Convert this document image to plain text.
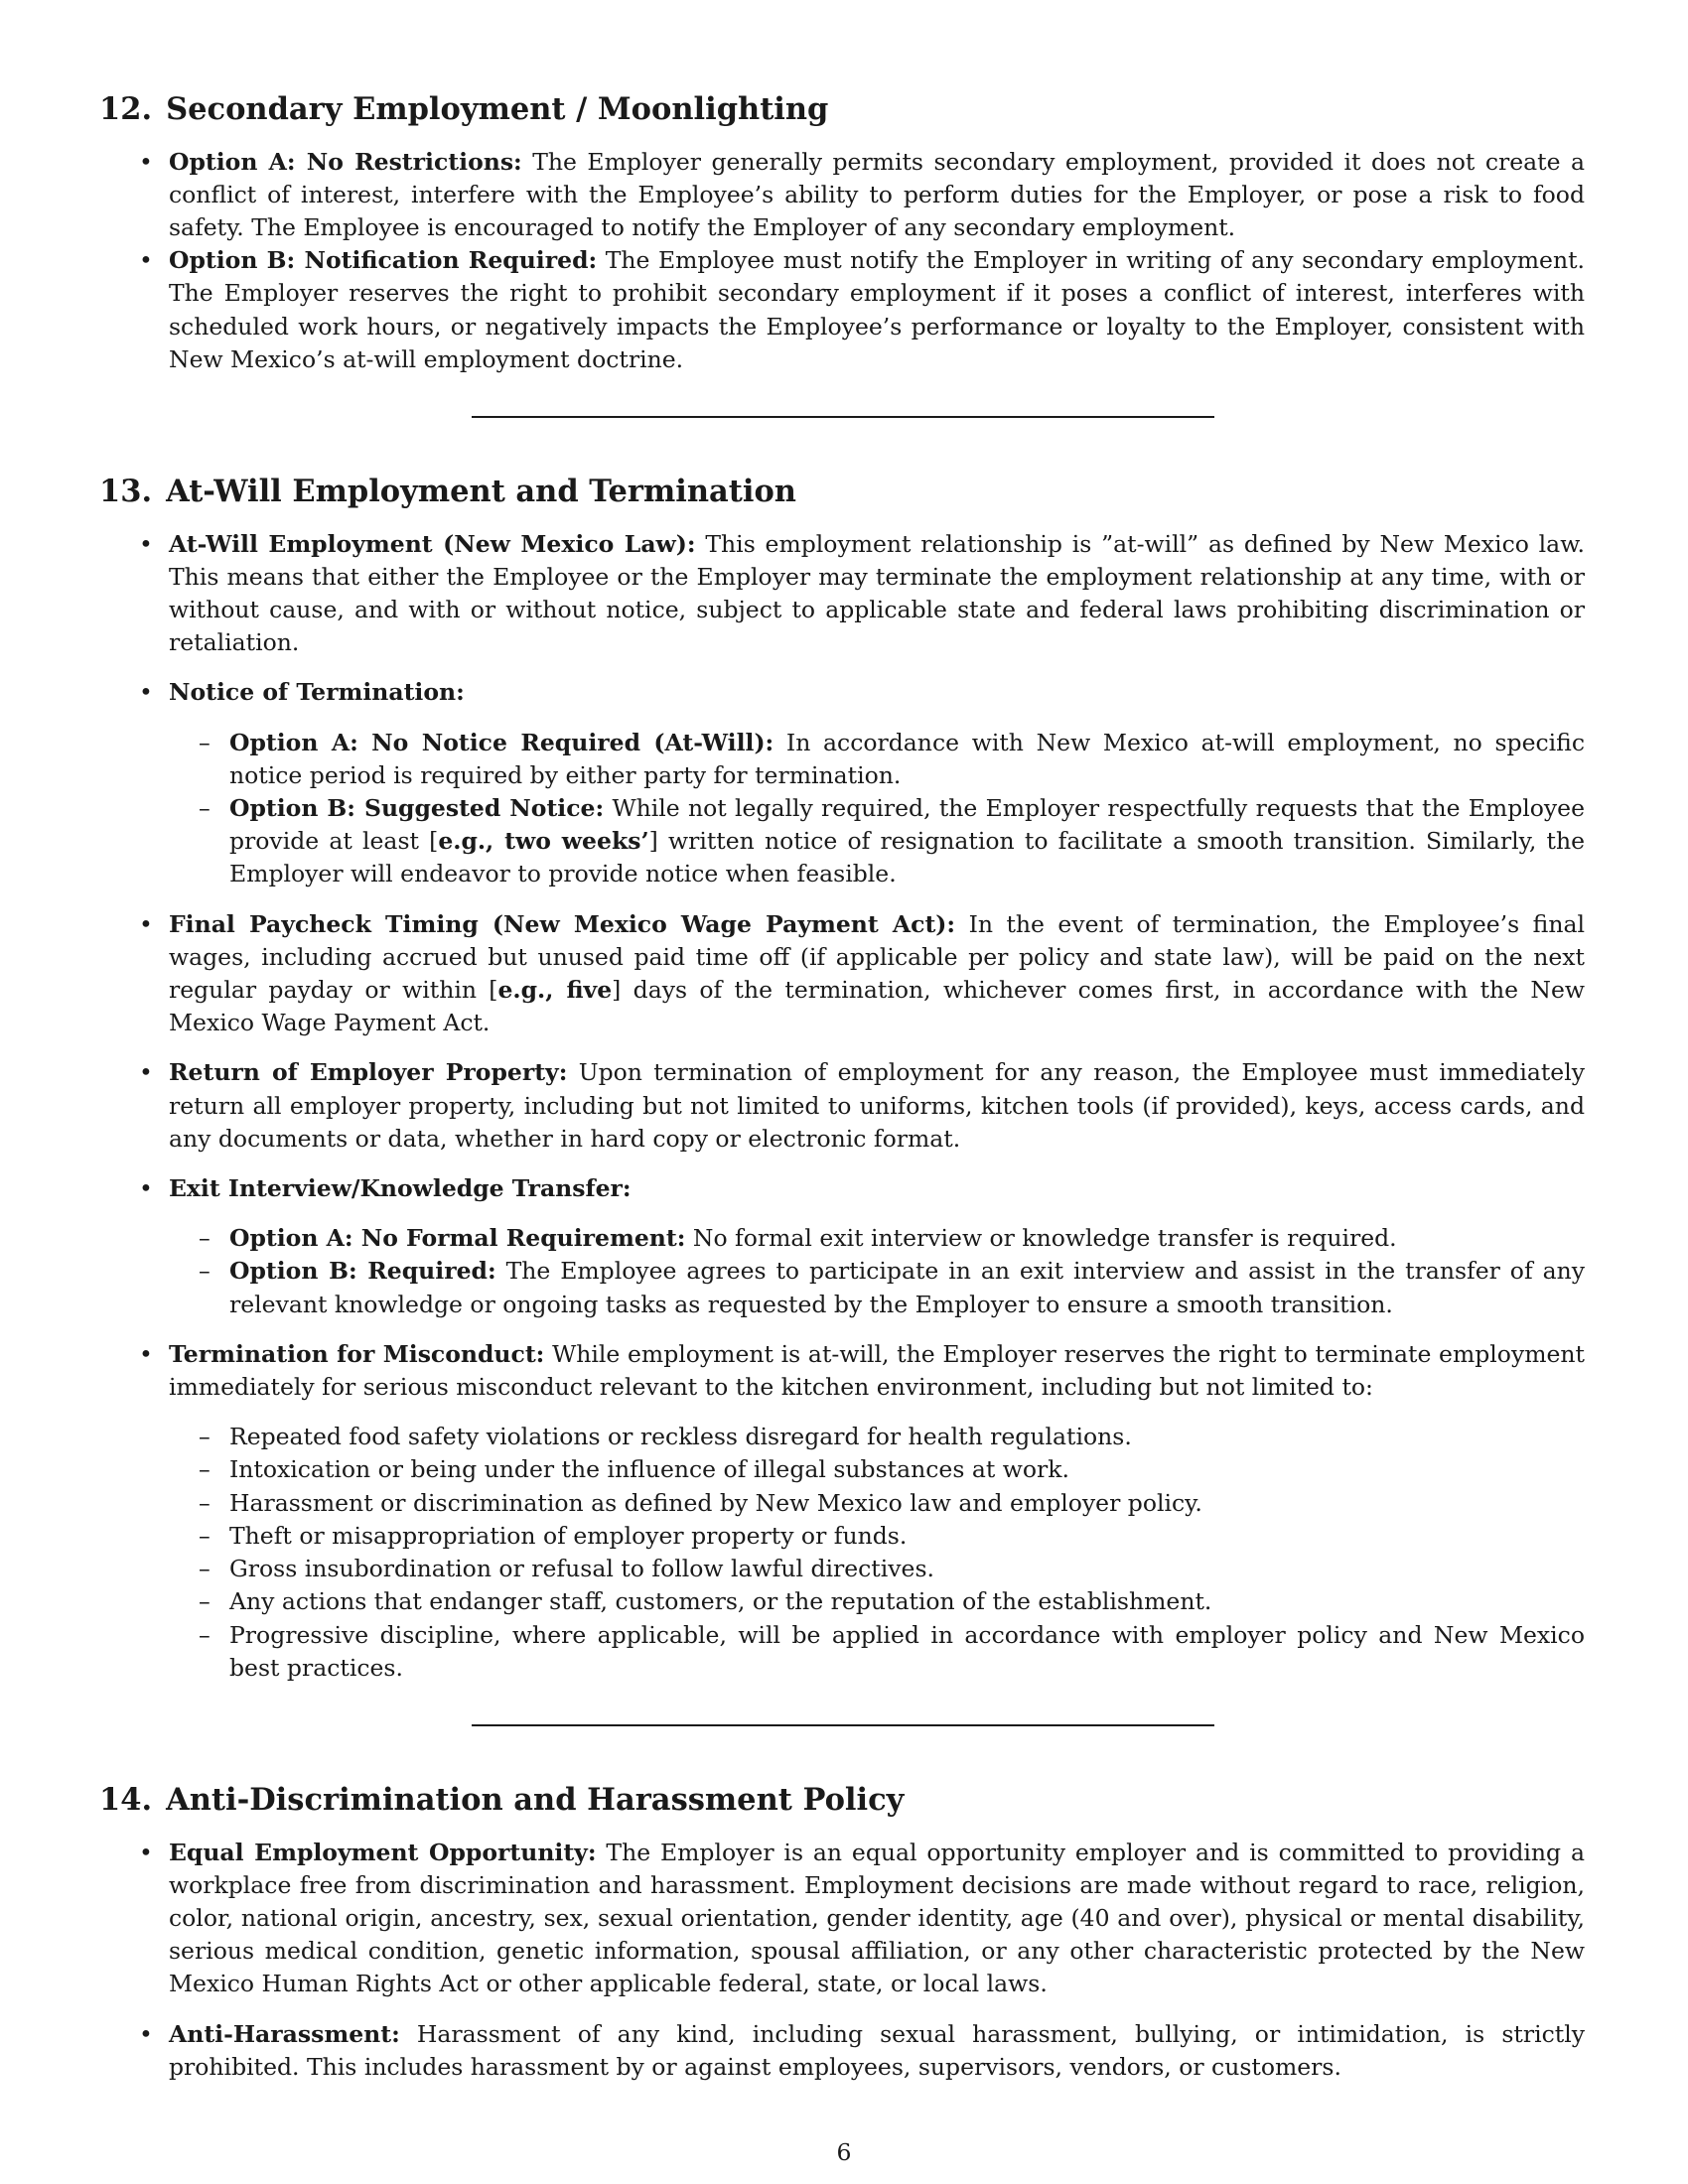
12. Secondary Employment / Moonlighting
• Option A: No Restrictions: The Employer generally permits secondary employment, provided it does not create a conflict of interest, interfere with the Employee’s ability to perform duties for the Employer, or pose a risk to food safety. The Employee is encouraged to notify the Employer of any secondary employment.
• Option B: Notification Required: The Employee must notify the Employer in writing of any secondary employment. The Employer reserves the right to prohibit secondary employment if it poses a conflict of interest, interferes with scheduled work hours, or negatively impacts the Employee’s performance or loyalty to the Employer, consistent with New Mexico’s at-will employment doctrine.
13. At-Will Employment and Termination
• At-Will Employment (New Mexico Law): This employment relationship is ”at-will” as defined by New Mexico law. This means that either the Employee or the Employer may terminate the employment relationship at any time, with or without cause, and with or without notice, subject to applicable state and federal laws prohibiting discrimination or retaliation.
• Notice of Termination:
– Option A: No Notice Required (At-Will): In accordance with New Mexico at-will employment, no specific notice period is required by either party for termination.
– Option B: Suggested Notice: While not legally required, the Employer respectfully requests that the Employee provide at least [e.g., two weeks’] written notice of resignation to facilitate a smooth transition. Similarly, the Employer will endeavor to provide notice when feasible.
• Final Paycheck Timing (New Mexico Wage Payment Act): In the event of termination, the Employee’s final wages, including accrued but unused paid time off (if applicable per policy and state law), will be paid on the next regular payday or within [e.g., five] days of the termination, whichever comes first, in accordance with the New Mexico Wage Payment Act.
• Return of Employer Property: Upon termination of employment for any reason, the Employee must immediately return all employer property, including but not limited to uniforms, kitchen tools (if provided), keys, access cards, and any documents or data, whether in hard copy or electronic format.
• Exit Interview/Knowledge Transfer:
– Option A: No Formal Requirement: No formal exit interview or knowledge transfer is required.
– Option B: Required: The Employee agrees to participate in an exit interview and assist in the transfer of any relevant knowledge or ongoing tasks as requested by the Employer to ensure a smooth transition.
• Termination for Misconduct: While employment is at-will, the Employer reserves the right to terminate employment immediately for serious misconduct relevant to the kitchen environment, including but not limited to:
– Repeated food safety violations or reckless disregard for health regulations.
– Intoxication or being under the influence of illegal substances at work.
– Harassment or discrimination as defined by New Mexico law and employer policy.
– Theft or misappropriation of employer property or funds.
– Gross insubordination or refusal to follow lawful directives.
– Any actions that endanger staff, customers, or the reputation of the establishment.
– Progressive discipline, where applicable, will be applied in accordance with employer policy and New Mexico best practices.
14. Anti-Discrimination and Harassment Policy
• Equal Employment Opportunity: The Employer is an equal opportunity employer and is committed to providing a workplace free from discrimination and harassment. Employment decisions are made without regard to race, religion, color, national origin, ancestry, sex, sexual orientation, gender identity, age (40 and over), physical or mental disability, serious medical condition, genetic information, spousal affiliation, or any other characteristic protected by the New Mexico Human Rights Act or other applicable federal, state, or local laws.
• Anti-Harassment: Harassment of any kind, including sexual harassment, bullying, or intimidation, is strictly prohibited. This includes harassment by or against employees, supervisors, vendors, or customers.
6
